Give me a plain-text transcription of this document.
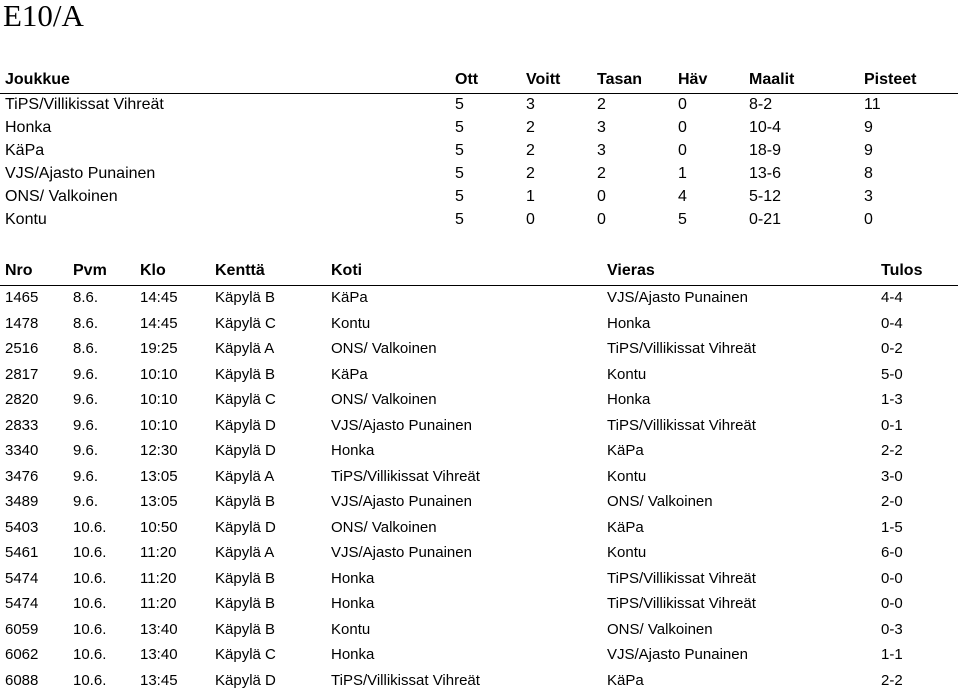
E10/A
Joukkue	Ott	Voitt Tasan Häv	Maalit	Pisteet
TiPS/Villikissat Vihreät	5	3	2	0	8-2	11
Honka	5	2	3	0	10-4	9
KäPa	5	2	3	0	18-9	9
VJS/Ajasto Punainen	5	2	2	1	13-6	8
ONS/ Valkoinen	5	1	0	4	5-12	3
Kontu	5	0	0	5	0-21	0
Nro	Pvm Klo	Kenttä	Koti	Vieras	Tulos
1465 8.6.	14:45 Käpylä B	KäPa	VJS/Ajasto Punainen	4-4
1478 8.6.	14:45 Käpylä C	Kontu	Honka	0-4
2516 8.6.	19:25 Käpylä A	ONS/ Valkoinen	TiPS/Villikissat Vihreät	0-2
2817 9.6.	10:10 Käpylä B	KäPa	Kontu	5-0
2820 9.6.	10:10 Käpylä C	ONS/ Valkoinen	Honka	1-3
2833 9.6.	10:10 Käpylä D	VJS/Ajasto Punainen	TiPS/Villikissat Vihreät	0-1
3340 9.6.	12:30 Käpylä D	Honka	KäPa	2-2
3476 9.6.	13:05 Käpylä A	TiPS/Villikissat Vihreät	Kontu	3-0
3489 9.6.	13:05 Käpylä B	VJS/Ajasto Punainen	ONS/ Valkoinen	2-0
5403 10.6. 10:50 Käpylä D	ONS/ Valkoinen	KäPa	1-5
5461 10.6. 11:20	Käpylä A	VJS/Ajasto Punainen	Kontu	6-0
5474 10.6. 11:20	Käpylä B	Honka	TiPS/Villikissat Vihreät	0-0
5474 10.6. 11:20	Käpylä B	Honka	TiPS/Villikissat Vihreät	0-0
6059 10.6. 13:40 Käpylä B	Kontu	ONS/ Valkoinen	0-3
6062 10.6. 13:40 Käpylä C	Honka	VJS/Ajasto Punainen	1-1
6088 10.6. 13:45 Käpylä D	TiPS/Villikissat Vihreät	KäPa	2-2
